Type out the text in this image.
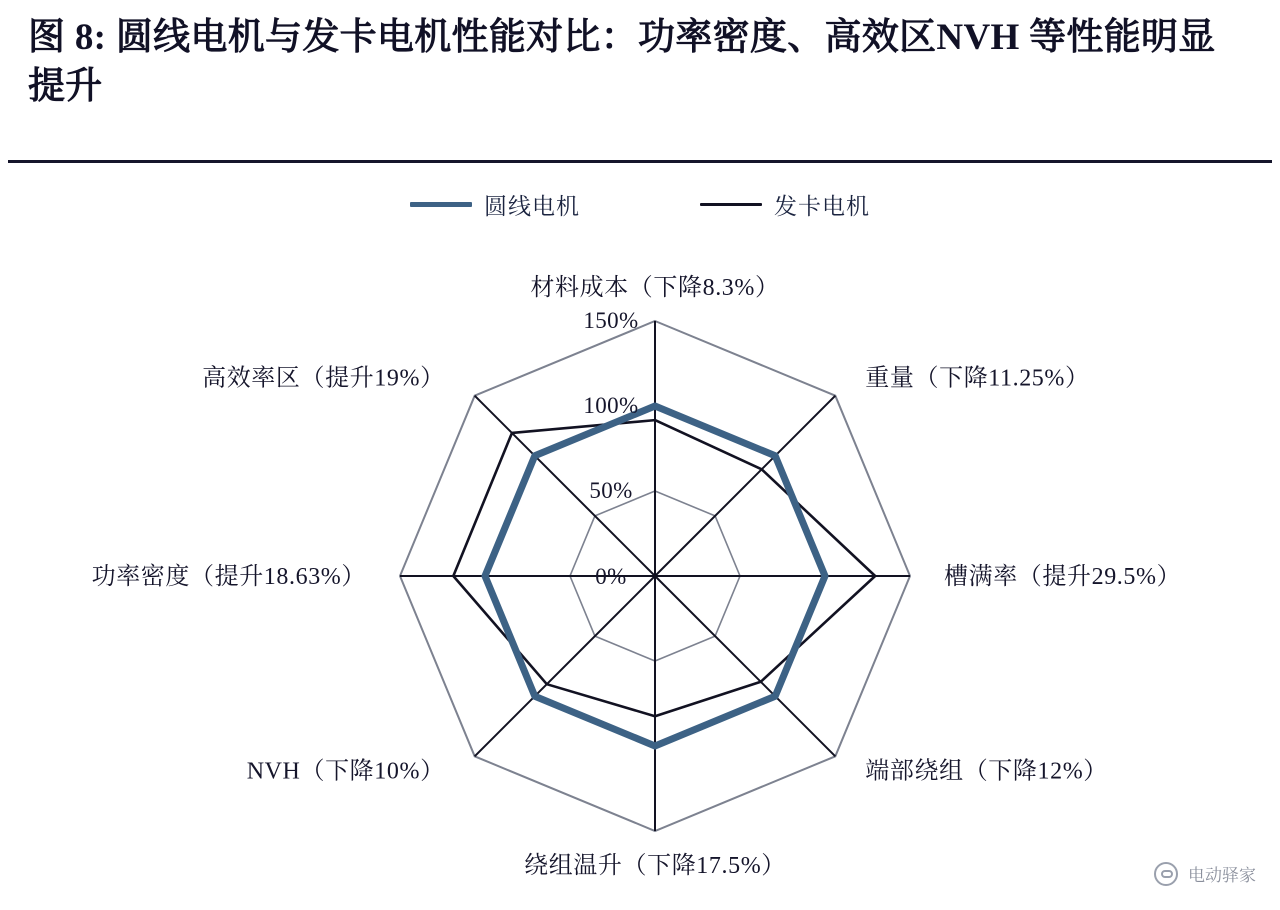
图 8: 圆线电机与发卡电机性能对比：功率密度、高效区NVH 等性能明显提升
圆线电机	发卡电机
0%
50%
100%
150%
材料成本（下降8.3%）
重量（下降11.25%）
槽满率（提升29.5%）
端部绕组（下降12%）
绕组温升（下降17.5%）
NVH（下降10%）
功率密度（提升18.63%）
高效率区（提升19%）
电动驿家
